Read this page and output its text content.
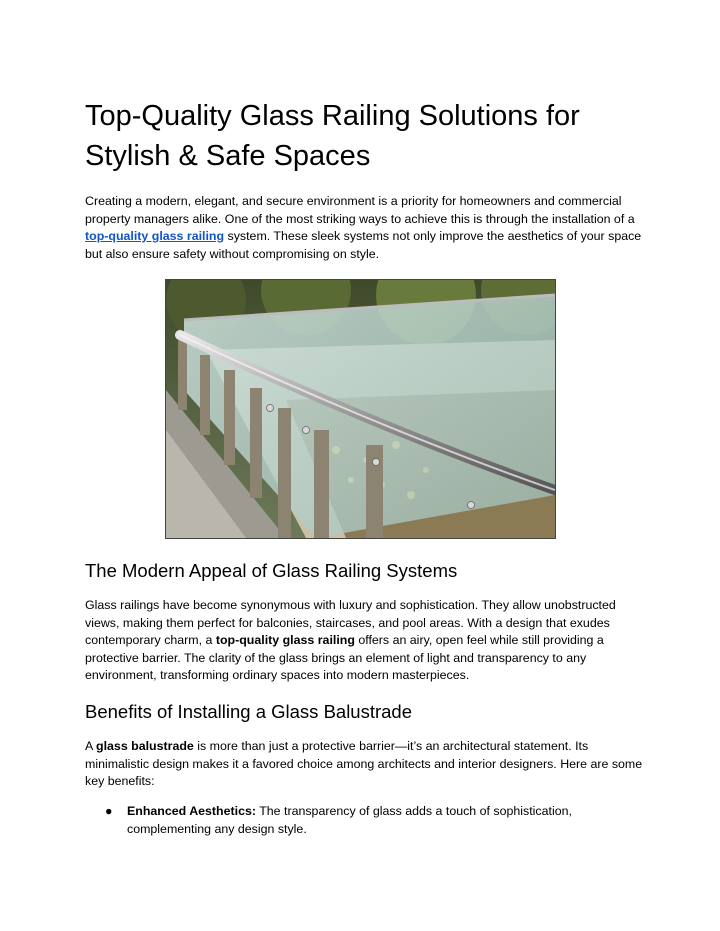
Top-Quality Glass Railing Solutions for Stylish & Safe Spaces

Creating a modern, elegant, and secure environment is a priority for homeowners and commercial property managers alike. One of the most striking ways to achieve this is through the installation of a top-quality glass railing system. These sleek systems not only improve the aesthetics of your space but also ensure safety without compromising on style.

The Modern Appeal of Glass Railing Systems

Glass railings have become synonymous with luxury and sophistication. They allow unobstructed views, making them perfect for balconies, staircases, and pool areas. With a design that exudes contemporary charm, a top-quality glass railing offers an airy, open feel while still providing a protective barrier. The clarity of the glass brings an element of light and transparency to any environment, transforming ordinary spaces into modern masterpieces.

Benefits of Installing a Glass Balustrade

A glass balustrade is more than just a protective barrier—it’s an architectural statement. Its minimalistic design makes it a favored choice among architects and interior designers. Here are some key benefits:

● Enhanced Aesthetics: The transparency of glass adds a touch of sophistication, complementing any design style.
